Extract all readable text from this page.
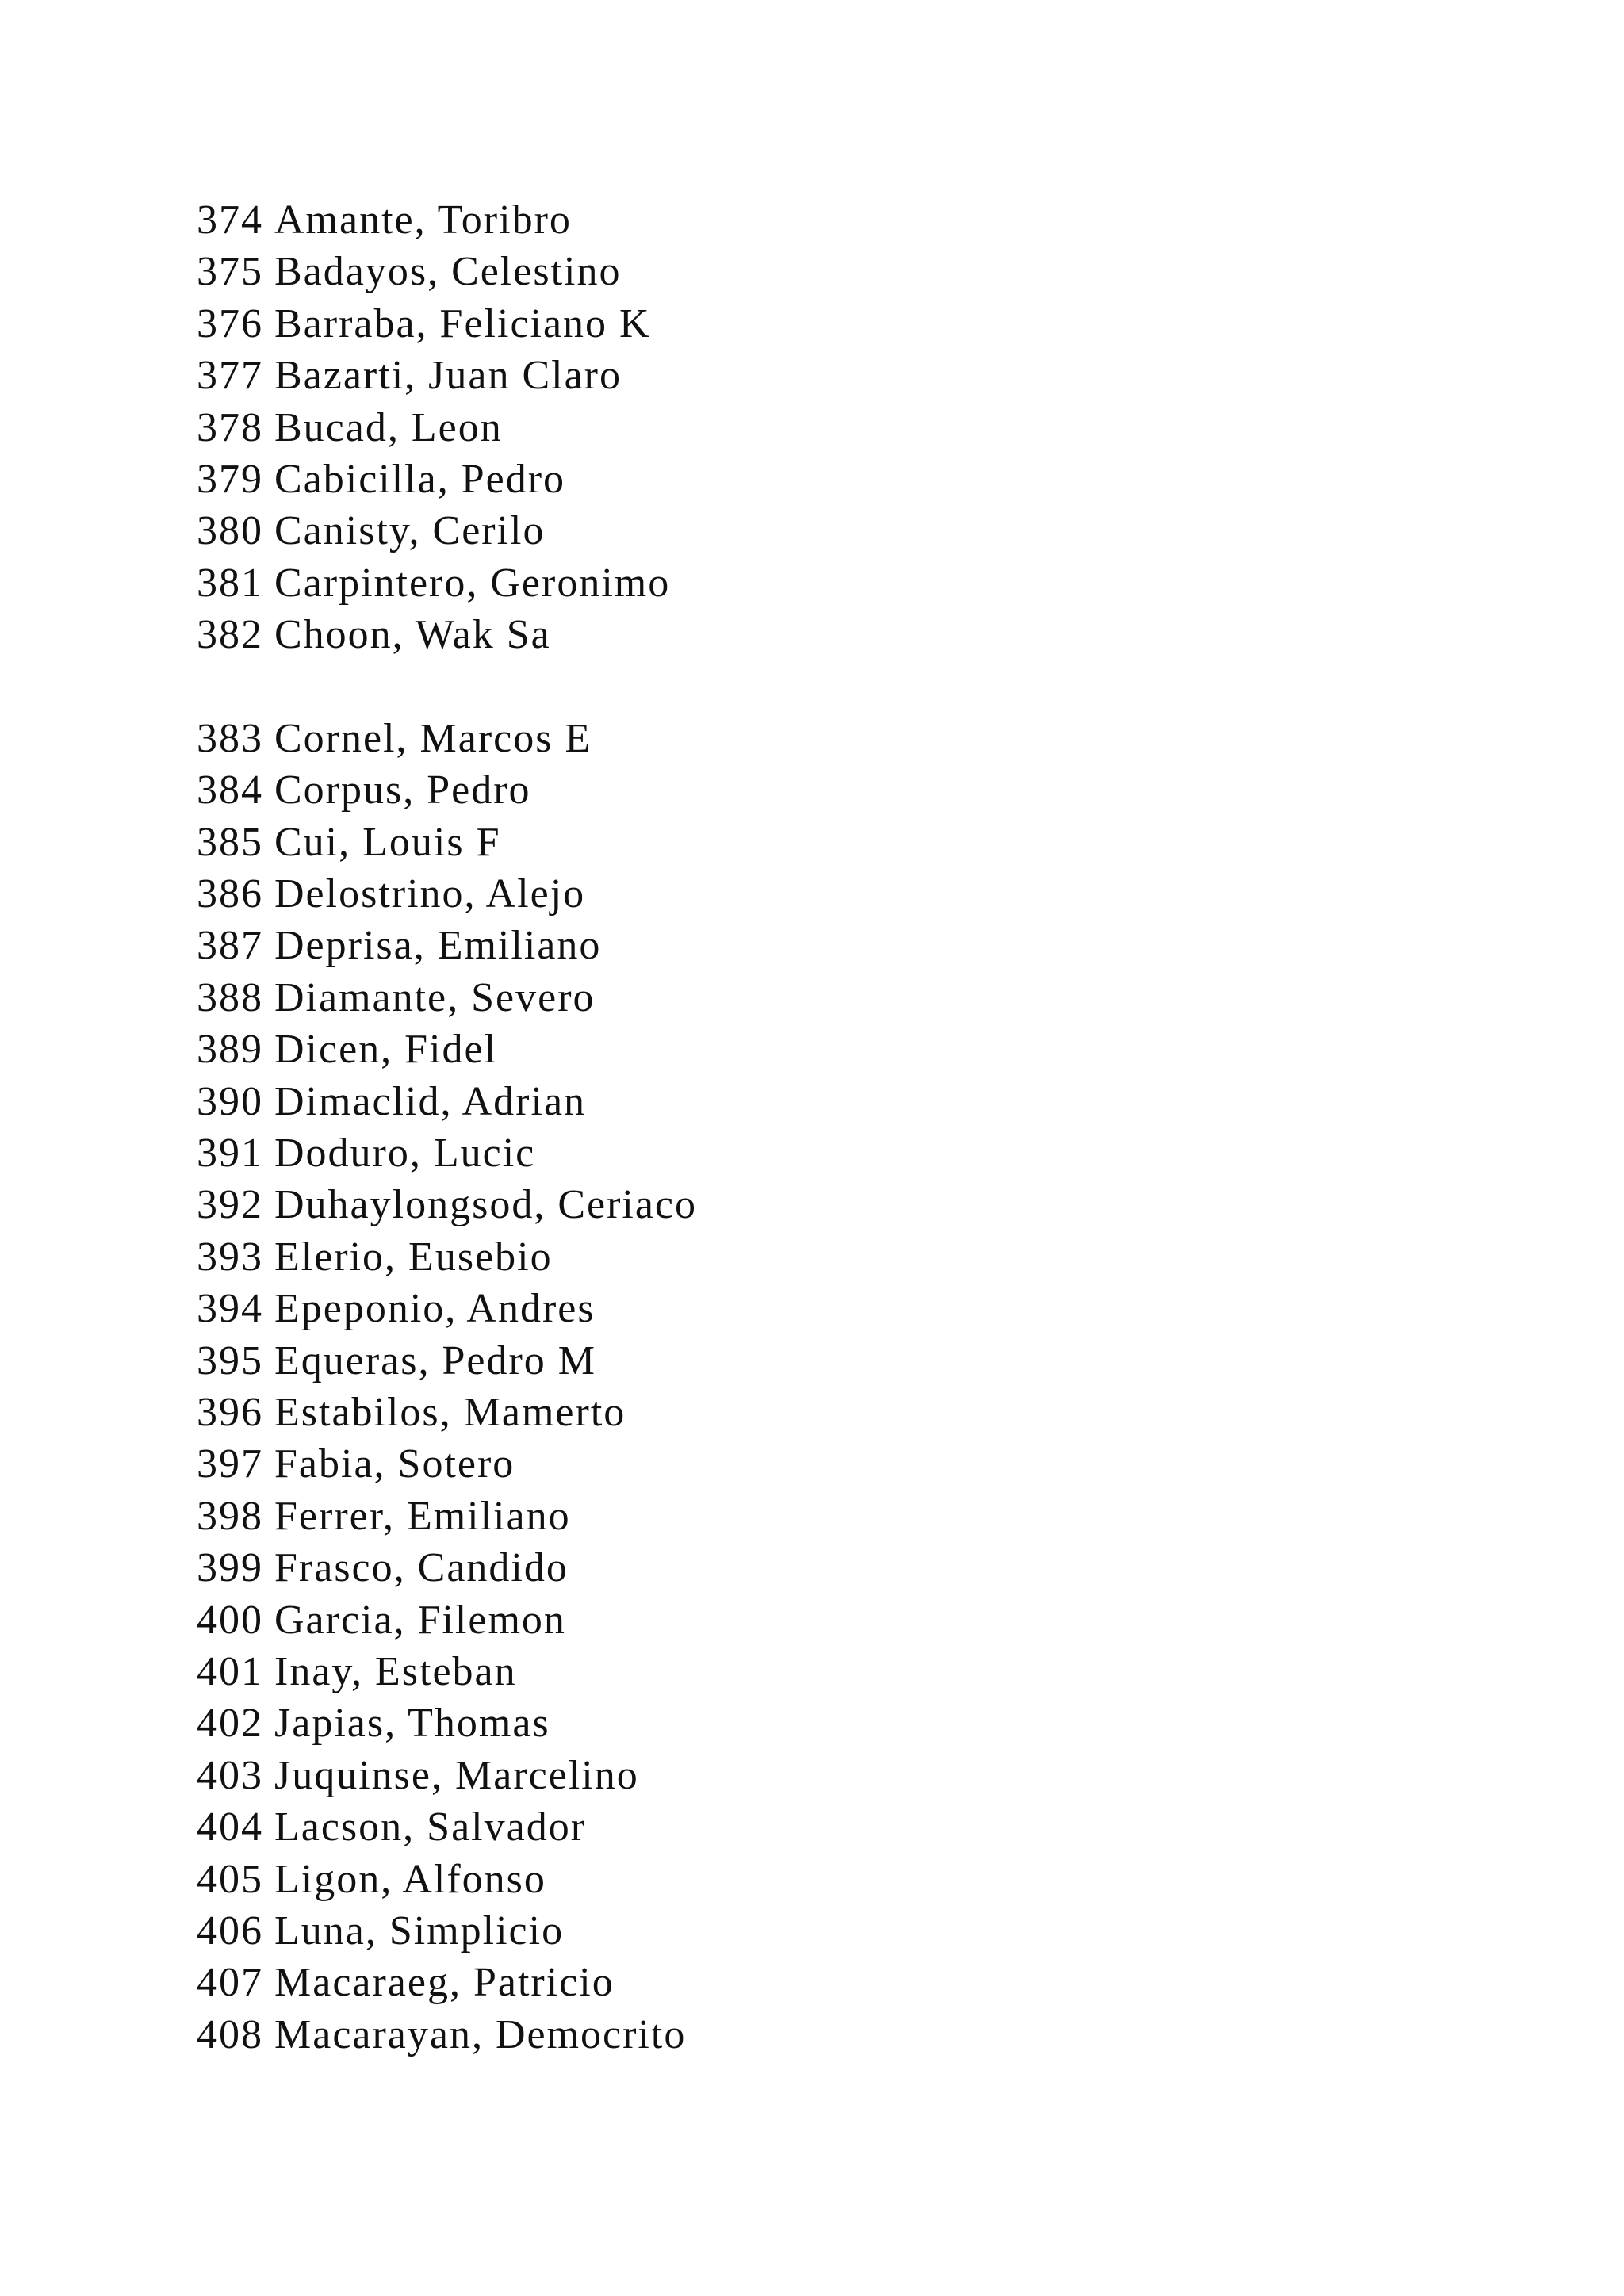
374 Amante, Toribro
375 Badayos, Celestino
376 Barraba, Feliciano K
377 Bazarti, Juan Claro
378 Bucad, Leon
379 Cabicilla, Pedro
380 Canisty, Cerilo
381 Carpintero, Geronimo
382 Choon, Wak Sa
383 Cornel, Marcos E
384 Corpus, Pedro
385 Cui, Louis F
386 Delostrino, Alejo
387 Deprisa, Emiliano
388 Diamante, Severo
389 Dicen, Fidel
390 Dimaclid, Adrian
391 Doduro, Lucic
392 Duhaylongsod, Ceriaco
393 Elerio, Eusebio
394 Epeponio, Andres
395 Equeras, Pedro M
396 Estabilos, Mamerto
397 Fabia, Sotero
398 Ferrer, Emiliano
399 Frasco, Candido
400 Garcia, Filemon
401 Inay, Esteban
402 Japias, Thomas
403 Juquinse, Marcelino
404 Lacson, Salvador
405 Ligon, Alfonso
406 Luna, Simplicio
407 Macaraeg, Patricio
408 Macarayan, Democrito
